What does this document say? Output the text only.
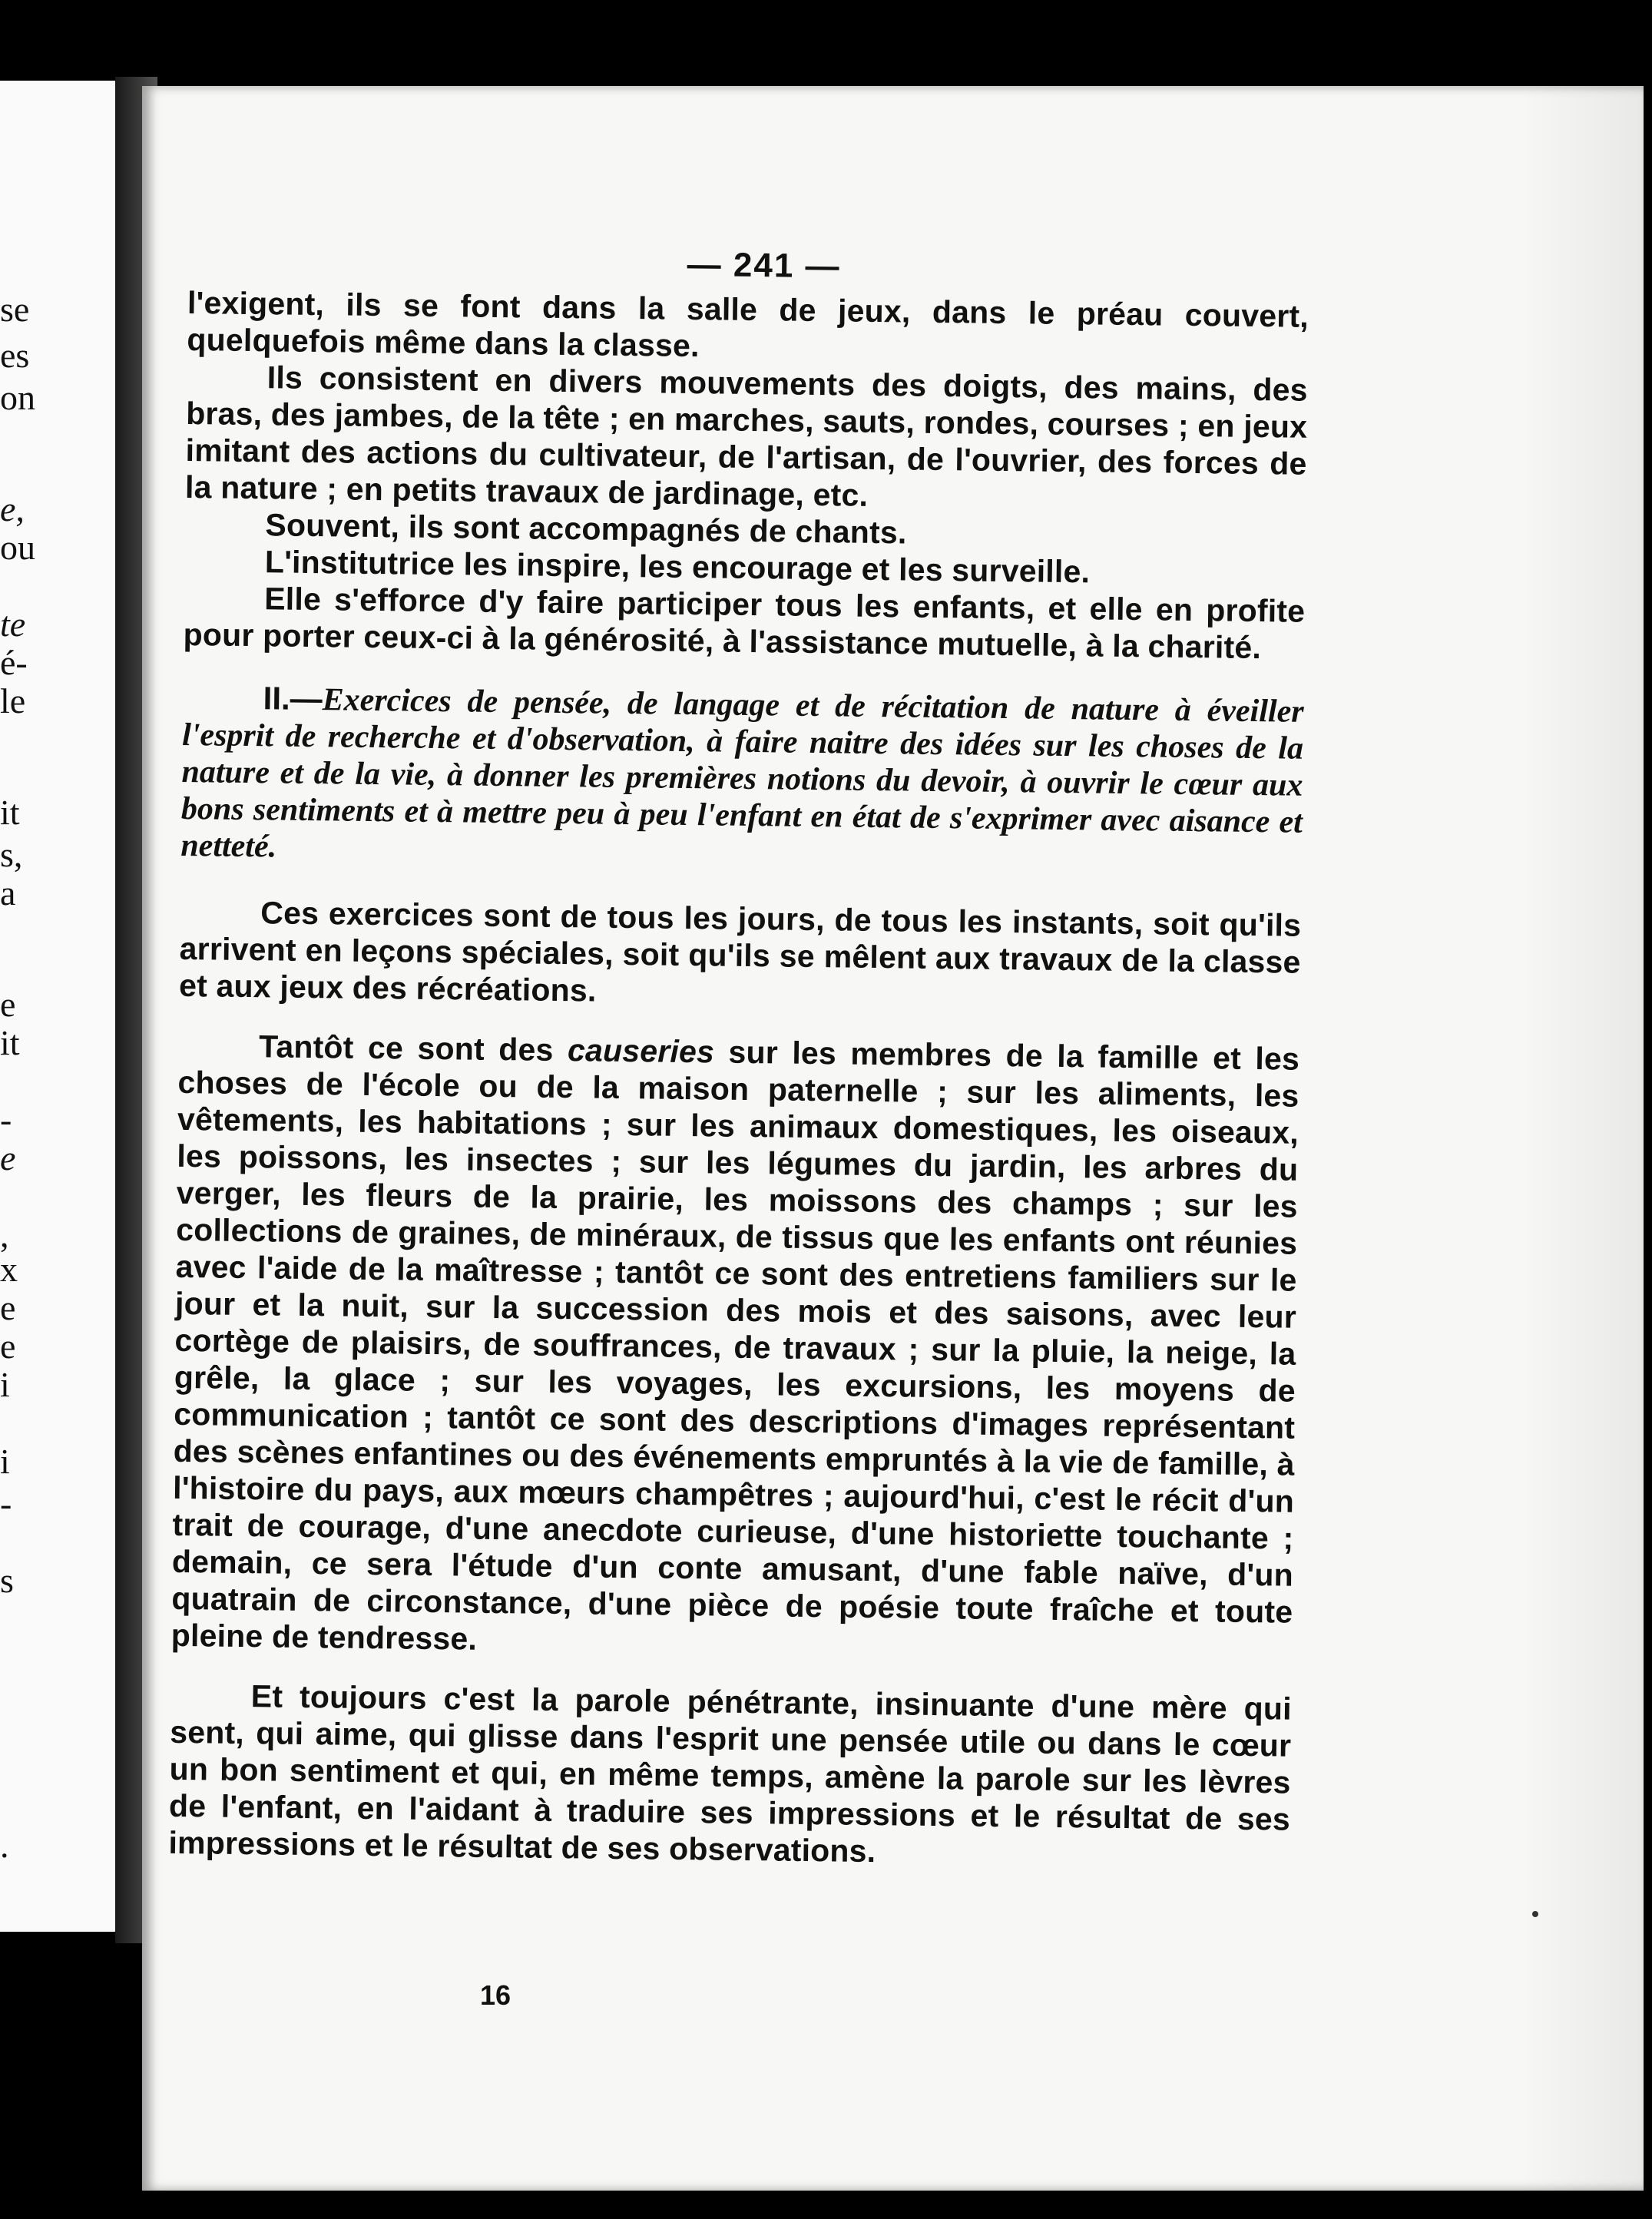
se
es
on
e,
ou
te
é-
le
it
s,
a
e
it
-
e
,
x
e
e
i
i
-
s
.
— 241 —

l'exigent, ils se font dans la salle de jeux, dans le préau couvert, quelquefois même dans la classe.

Ils consistent en divers mouvements des doigts, des mains, des bras, des jambes, de la tête ; en marches, sauts, rondes, courses ; en jeux imitant des actions du cultivateur, de l'artisan, de l'ouvrier, des forces de la nature ; en petits travaux de jardinage, etc.

Souvent, ils sont accompagnés de chants.

L'institutrice les inspire, les encourage et les surveille.

Elle s'efforce d'y faire participer tous les enfants, et elle en profite pour porter ceux-ci à la générosité, à l'assistance mutuelle, à la charité.

II.—Exercices de pensée, de langage et de récitation de nature à éveiller l'esprit de recherche et d'observation, à faire naitre des idées sur les choses de la nature et de la vie, à donner les premières notions du devoir, à ouvrir le cœur aux bons sentiments et à mettre peu à peu l'enfant en état de s'exprimer avec aisance et netteté.

Ces exercices sont de tous les jours, de tous les instants, soit qu'ils arrivent en leçons spéciales, soit qu'ils se mêlent aux travaux de la classe et aux jeux des récréations.

Tantôt ce sont des causeries sur les membres de la famille et les choses de l'école ou de la maison paternelle ; sur les aliments, les vêtements, les habitations ; sur les animaux domestiques, les oiseaux, les poissons, les insectes ; sur les légumes du jardin, les arbres du verger, les fleurs de la prairie, les moissons des champs ; sur les collections de graines, de minéraux, de tissus que les enfants ont réunies avec l'aide de la maîtresse ; tantôt ce sont des entretiens familiers sur le jour et la nuit, sur la succession des mois et des saisons, avec leur cortège de plaisirs, de souffrances, de travaux ; sur la pluie, la neige, la grêle, la glace ; sur les voyages, les excursions, les moyens de communication ; tantôt ce sont des descriptions d'images représentant des scènes enfantines ou des événements empruntés à la vie de famille, à l'histoire du pays, aux mœurs champêtres ; aujourd'hui, c'est le récit d'un trait de courage, d'une anecdote curieuse, d'une historiette touchante ; demain, ce sera l'étude d'un conte amusant, d'une fable naïve, d'un quatrain de circonstance, d'une pièce de poésie toute fraîche et toute pleine de tendresse.

Et toujours c'est la parole pénétrante, insinuante d'une mère qui sent, qui aime, qui glisse dans l'esprit une pensée utile ou dans le cœur un bon sentiment et qui, en même temps, amène la parole sur les lèvres de l'enfant, en l'aidant à traduire ses impressions et le résultat de ses impressions et le résultat de ses observations.

16
